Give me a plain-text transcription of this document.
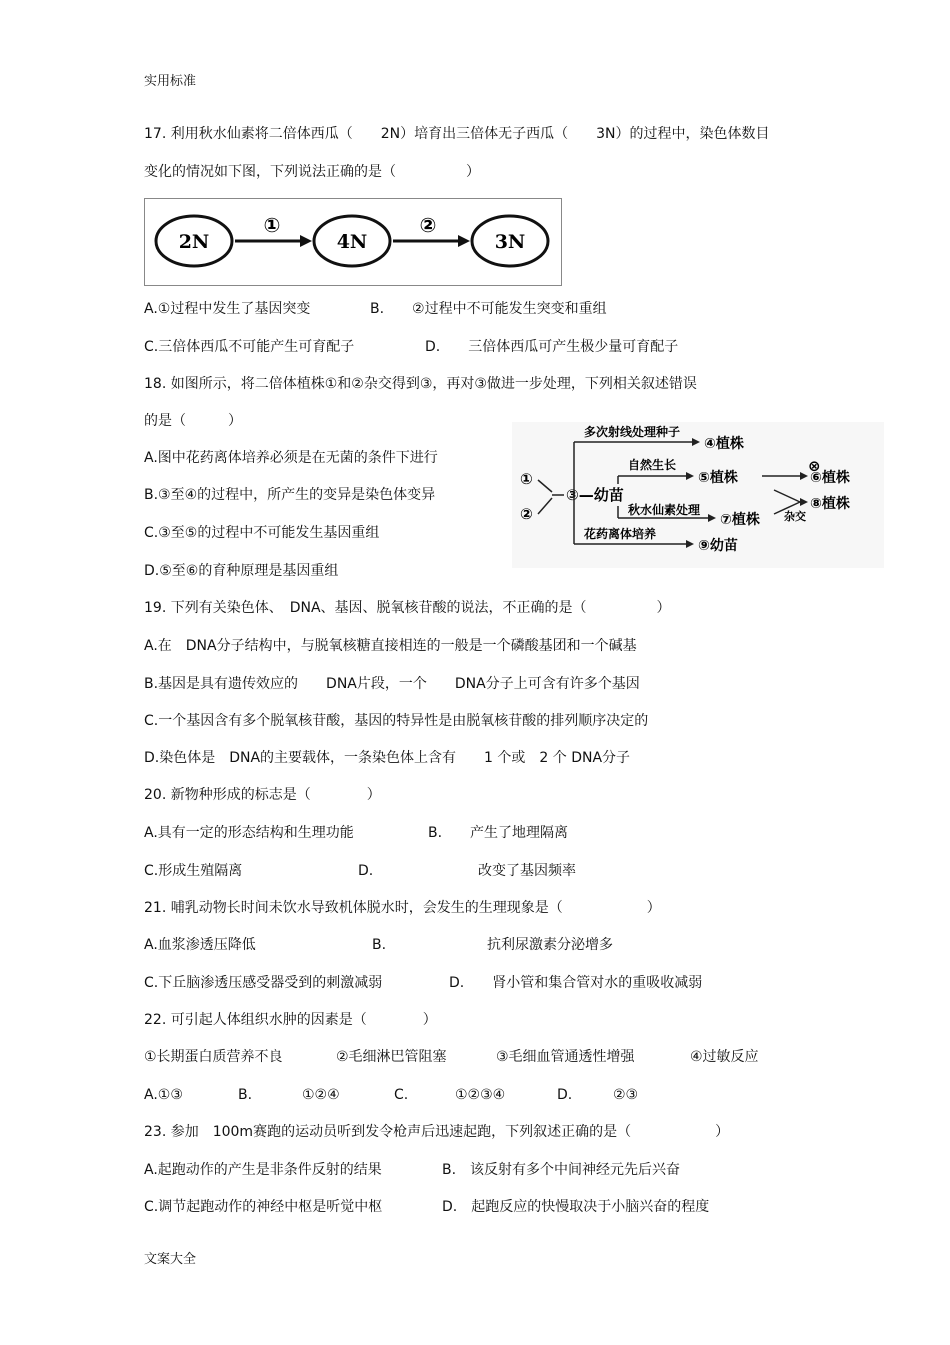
实用标准
17. 利用秋水仙素将二倍体西瓜（　　2N）培育出三倍体无子西瓜（　　3N）的过程中，染色体数目
变化的情况如下图，下列说法正确的是（　　　　　）
2N	4N	3N
①	②
A.①过程中发生了基因突变	B.　　②过程中不可能发生突变和重组
C.三倍体西瓜不可能产生可育配子	D.　　三倍体西瓜可产生极少量可育配子
18. 如图所示，将二倍体植株①和②杂交得到③，再对③做进一步处理，下列相关叙述错误
的是（　　　）
A.图中花药离体培养必须是在无菌的条件下进行
B.③至④的过程中，所产生的变异是染色体变异
C.③至⑤的过程中不可能发生基因重组
D.⑤至⑥的育种原理是基因重组
①
②
③—幼苗
多次射线处理种子
④植株
自然生长
⑤植株
⊗
⑥植株
秋水仙素处理
⑦植株
⑧植株
杂交
花药离体培养
⑨幼苗
19. 下列有关染色体、　DNA、基因、脱氧核苷酸的说法，不正确的是（　　　　　）
A.在　DNA分子结构中，与脱氧核糖直接相连的一般是一个磷酸基团和一个碱基
B.基因是具有遗传效应的　　DNA片段，一个　　DNA分子上可含有许多个基因
C.一个基因含有多个脱氧核苷酸，基因的特异性是由脱氧核苷酸的排列顺序决定的
D.染色体是　DNA的主要载体，一条染色体上含有　　1 个或　2 个 DNA分子
20. 新物种形成的标志是（　　　　）
A.具有一定的形态结构和生理功能	B.　　产生了地理隔离
C.形成生殖隔离	D.	改变了基因频率
21. 哺乳动物长时间未饮水导致机体脱水时，会发生的生理现象是（　　　　　　）
A.血浆渗透压降低	B.	抗利尿激素分泌增多
C.下丘脑渗透压感受器受到的刺激减弱	D.　　肾小管和集合管对水的重吸收减弱
22. 可引起人体组织水肿的因素是（　　　　）
①长期蛋白质营养不良	②毛细淋巴管阻塞	③毛细血管通透性增强	④过敏反应
A.①③	B.	①②④	C.	①②③④	D.	②③
23. 参加　100m赛跑的运动员听到发令枪声后迅速起跑，下列叙述正确的是（　　　　　　）
A.起跑动作的产生是非条件反射的结果	B.　该反射有多个中间神经元先后兴奋
C.调节起跑动作的神经中枢是听觉中枢	D.　起跑反应的快慢取决于小脑兴奋的程度
文案大全
